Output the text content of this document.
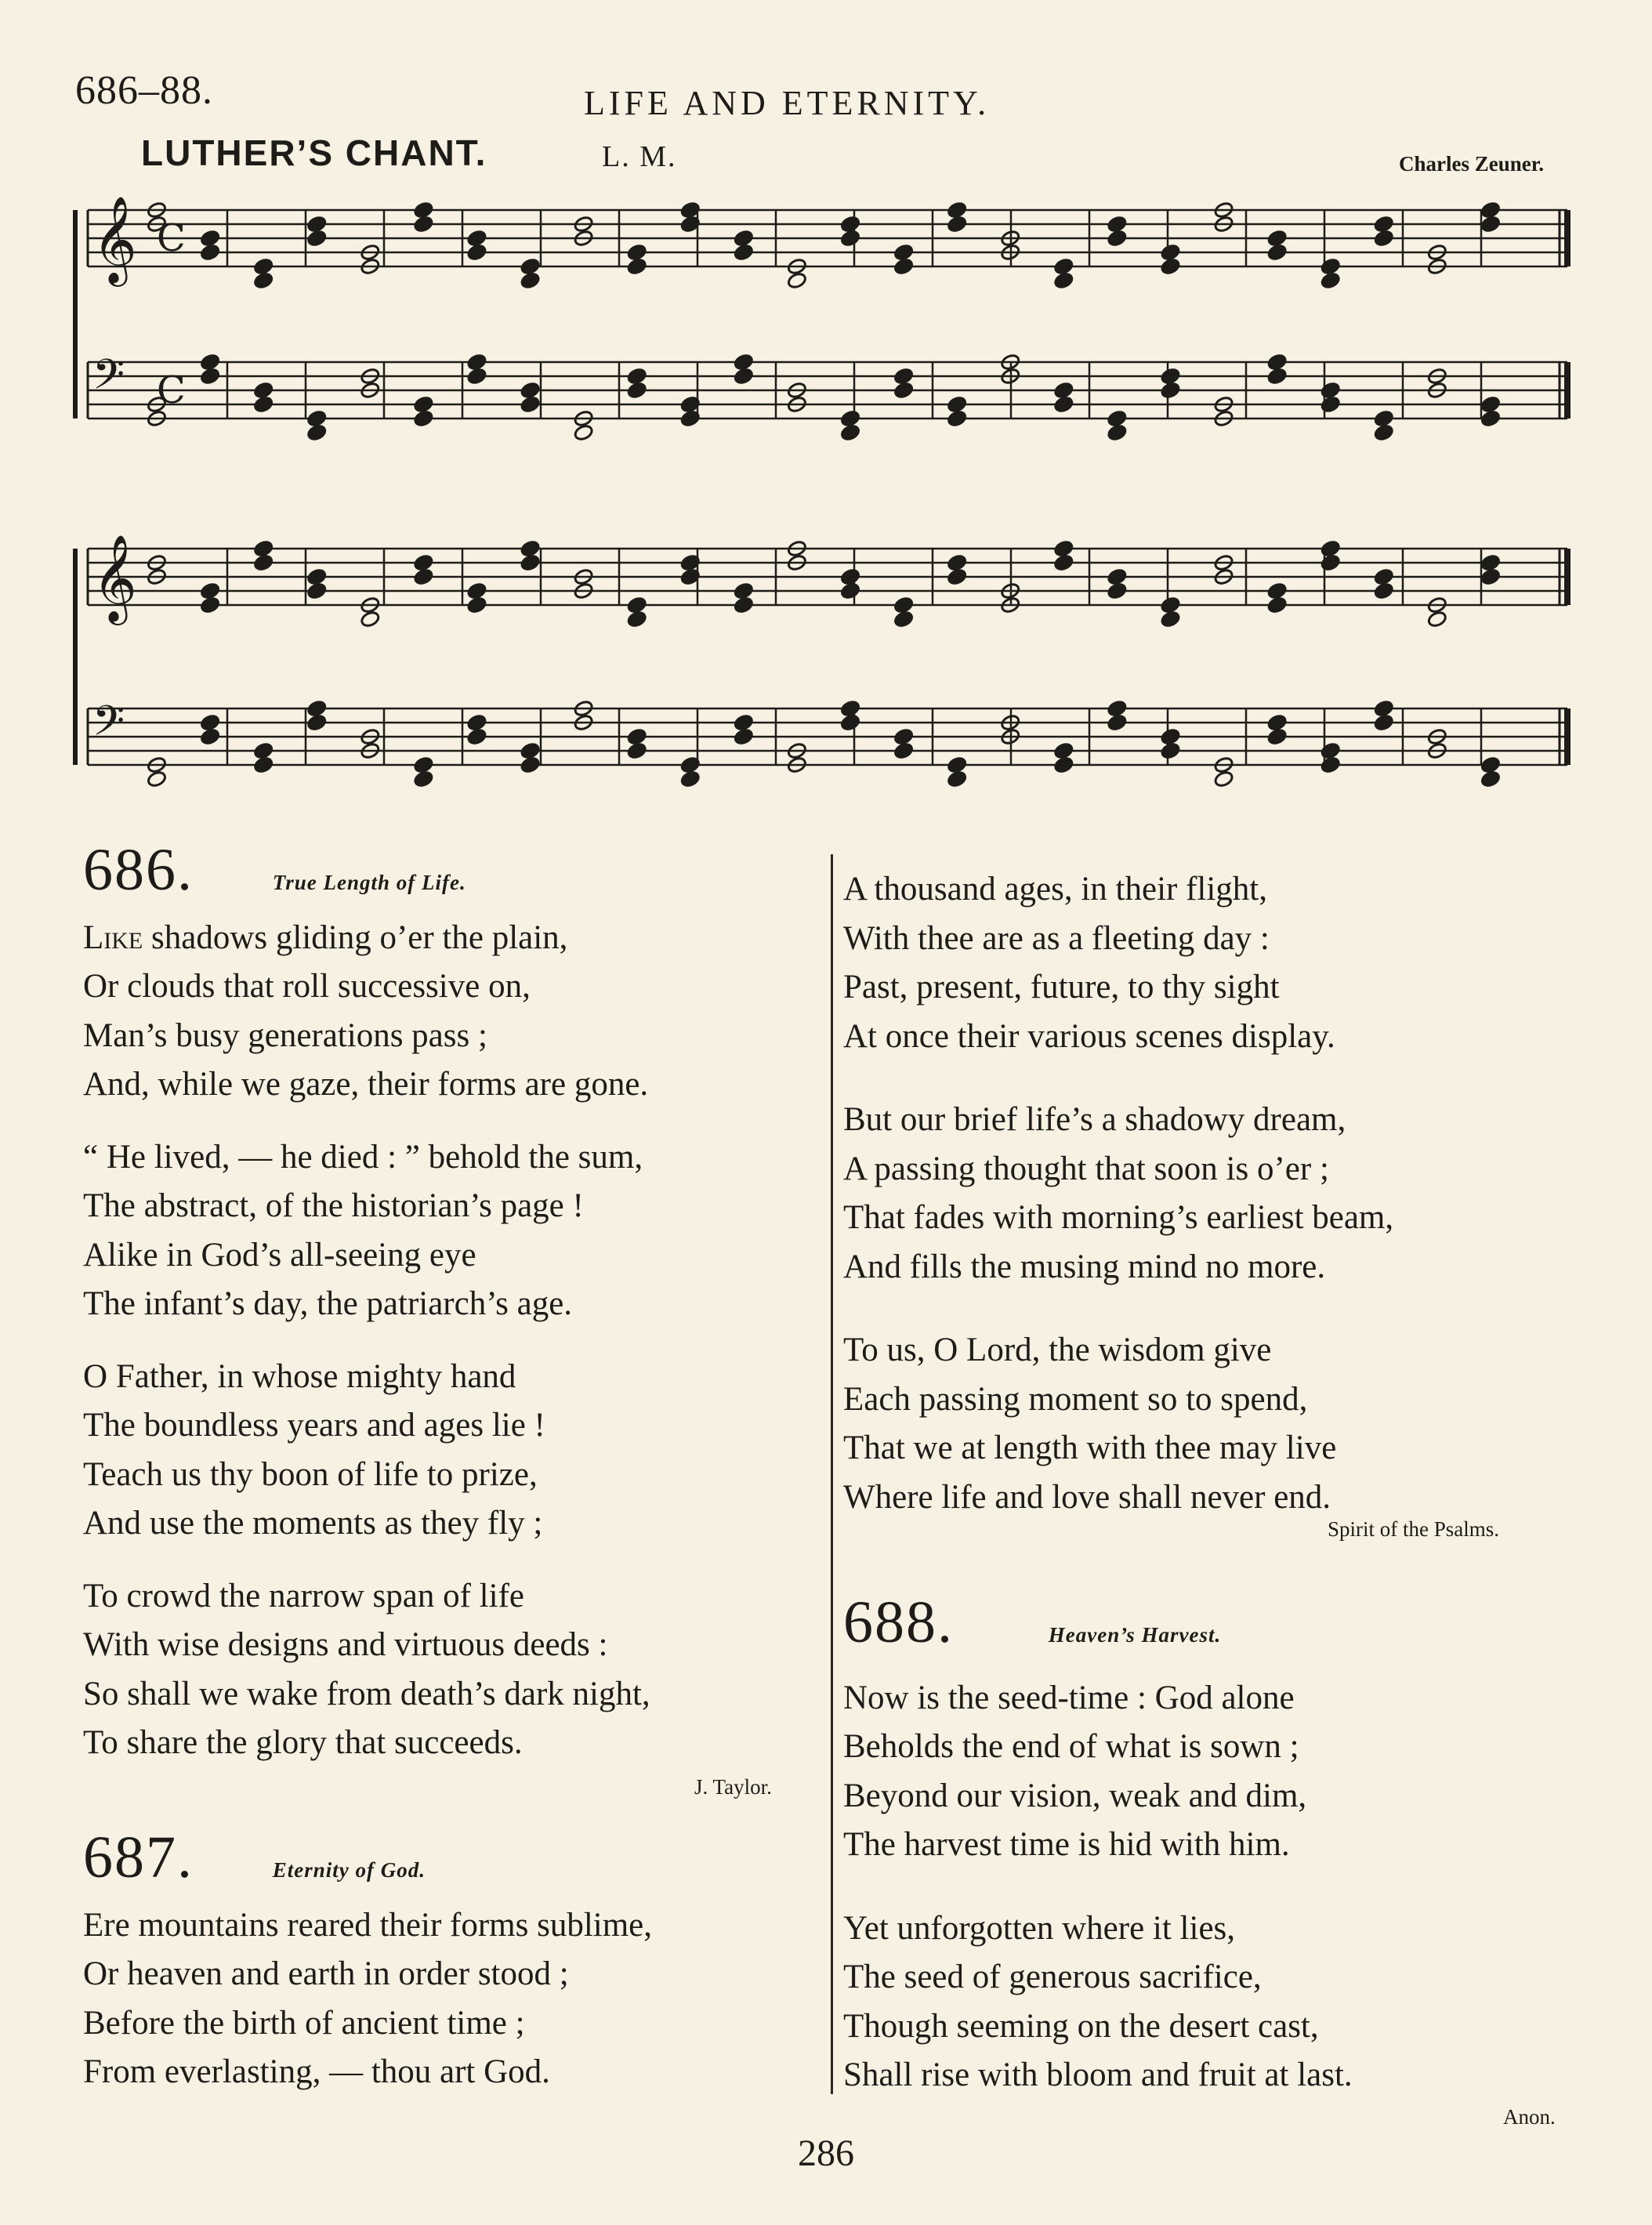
686–88.	LIFE AND ETERNITY.
LUTHER’S CHANT.	L. M.	Charles Zeuner.
𝄞 C
𝄢 C
𝄞
𝄢
686.	True Length of Life.
Like shadows gliding o’er the plain,
Or clouds that roll successive on,
Man’s busy generations pass ;
And, while we gaze, their forms are gone.
“ He lived, — he died : ” behold the sum,
The abstract, of the historian’s page !
Alike in God’s all-seeing eye
The infant’s day, the patriarch’s age.
O Father, in whose mighty hand
The boundless years and ages lie !
Teach us thy boon of life to prize,
And use the moments as they fly ;
To crowd the narrow span of life
With wise designs and virtuous deeds :
So shall we wake from death’s dark night,
To share the glory that succeeds.
J. Taylor.
687.	Eternity of God.
Ere mountains reared their forms sublime,
Or heaven and earth in order stood ;
Before the birth of ancient time ;
From everlasting, — thou art God.
A thousand ages, in their flight,
With thee are as a fleeting day :
Past, present, future, to thy sight
At once their various scenes display.
But our brief life’s a shadowy dream,
A passing thought that soon is o’er ;
That fades with morning’s earliest beam,
And fills the musing mind no more.
To us, O Lord, the wisdom give
Each passing moment so to spend,
That we at length with thee may live
Where life and love shall never end.
Spirit of the Psalms.
688.	Heaven’s Harvest.
Now is the seed-time : God alone
Beholds the end of what is sown ;
Beyond our vision, weak and dim,
The harvest time is hid with him.
Yet unforgotten where it lies,
The seed of generous sacrifice,
Though seeming on the desert cast,
Shall rise with bloom and fruit at last.
Anon.
286
